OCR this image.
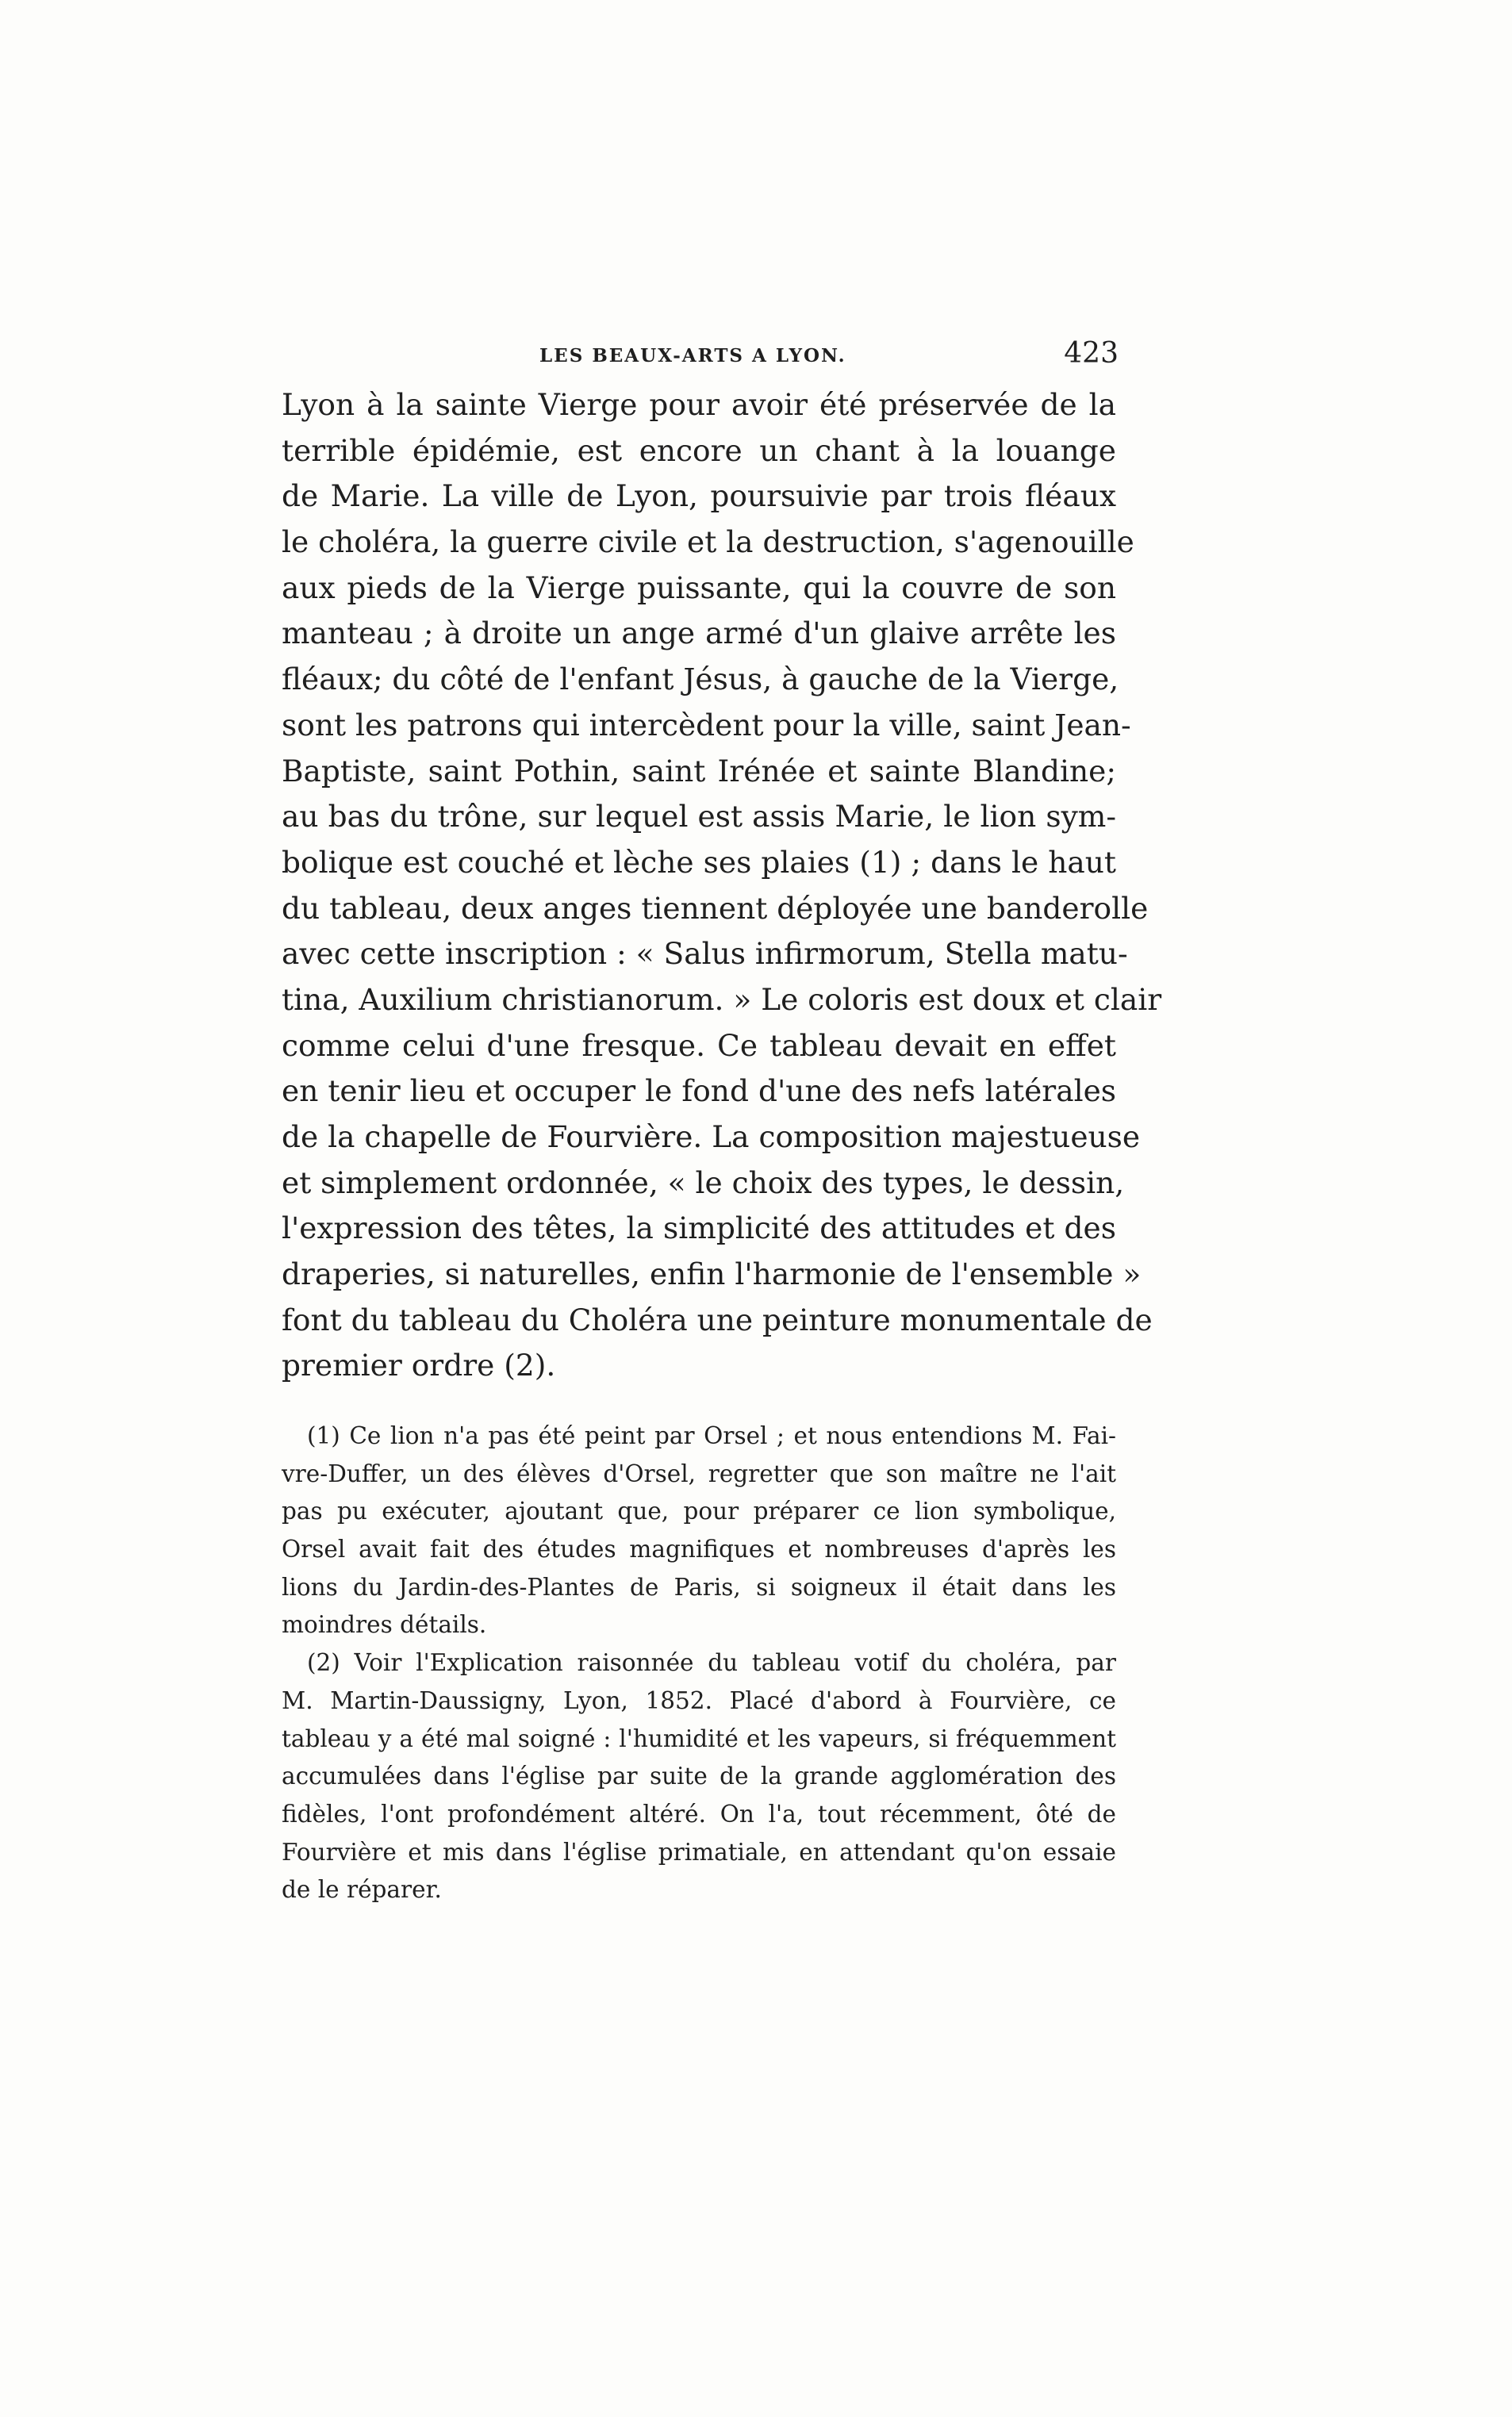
LES BEAUX-ARTS A LYON.	423
Lyon à la sainte Vierge pour avoir été préservée de la
terrible épidémie, est encore un chant à la louange
de Marie. La ville de Lyon, poursuivie par trois fléaux
le choléra, la guerre civile et la destruction, s'agenouille
aux pieds de la Vierge puissante, qui la couvre de son
manteau ; à droite un ange armé d'un glaive arrête les
fléaux; du côté de l'enfant Jésus, à gauche de la Vierge,
sont les patrons qui intercèdent pour la ville, saint Jean-
Baptiste, saint Pothin, saint Irénée et sainte Blandine;
au bas du trône, sur lequel est assis Marie, le lion sym-
bolique est couché et lèche ses plaies (1) ; dans le haut
du tableau, deux anges tiennent déployée une banderolle
avec cette inscription : « Salus infirmorum, Stella matu-
tina, Auxilium christianorum. » Le coloris est doux et clair
comme celui d'une fresque. Ce tableau devait en effet
en tenir lieu et occuper le fond d'une des nefs latérales
de la chapelle de Fourvière. La composition majestueuse
et simplement ordonnée, « le choix des types, le dessin,
l'expression des têtes, la simplicité des attitudes et des
draperies, si naturelles, enfin l'harmonie de l'ensemble »
font du tableau du Choléra une peinture monumentale de
premier ordre (2).
(1) Ce lion n'a pas été peint par Orsel ; et nous entendions M. Fai-
vre-Duffer, un des élèves d'Orsel, regretter que son maître ne l'ait
pas pu exécuter, ajoutant que, pour préparer ce lion symbolique,
Orsel avait fait des études magnifiques et nombreuses d'après les
lions du Jardin-des-Plantes de Paris, si soigneux il était dans les
moindres détails.
(2) Voir l'Explication raisonnée du tableau votif du choléra, par
M. Martin-Daussigny, Lyon, 1852. Placé d'abord à Fourvière, ce
tableau y a été mal soigné : l'humidité et les vapeurs, si fréquemment
accumulées dans l'église par suite de la grande agglomération des
fidèles, l'ont profondément altéré. On l'a, tout récemment, ôté de
Fourvière et mis dans l'église primatiale, en attendant qu'on essaie
de le réparer.
